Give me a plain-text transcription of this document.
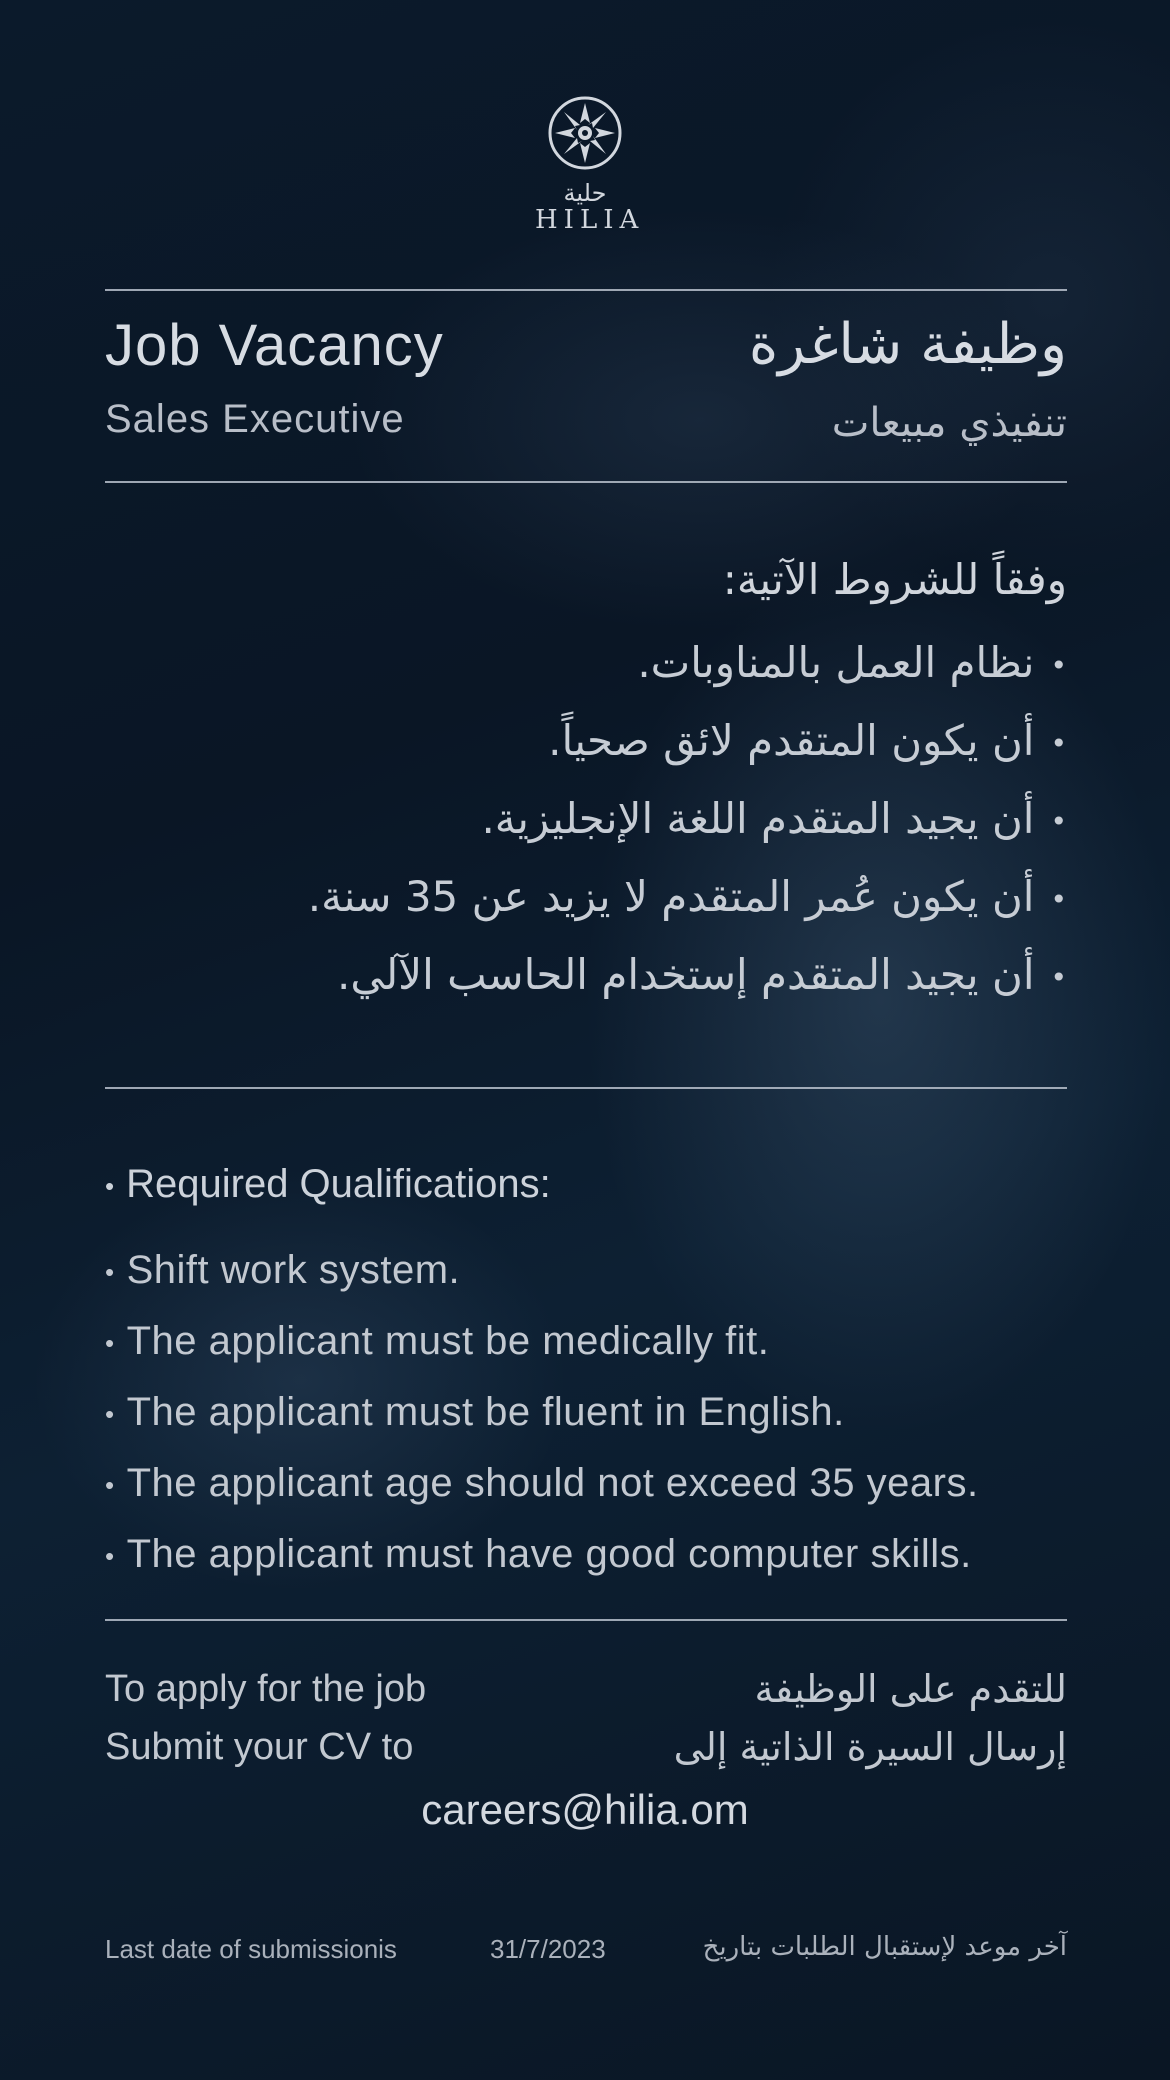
حلية
HILIA
Job Vacancy
Sales Executive
وظيفة شاغرة
تنفيذي مبيعات
وفقاً للشروط الآتية:
• نظام العمل بالمناوبات.
• أن يكون المتقدم لائق صحياً.
• أن يجيد المتقدم اللغة الإنجليزية.
• أن يكون عُمر المتقدم لا يزيد عن 35 سنة.
• أن يجيد المتقدم إستخدام الحاسب الآلي.
• Required Qualifications:
• Shift work system.
• The applicant must be medically fit.
• The applicant must be fluent in English.
• The applicant age should not exceed 35 years.
• The applicant must have good computer skills.
To apply for the job
Submit your CV to
للتقدم على الوظيفة
إرسال السيرة الذاتية إلى
careers@hilia.om
Last date of submissionis	31/7/2023	آخر موعد لإستقبال الطلبات بتاريخ
